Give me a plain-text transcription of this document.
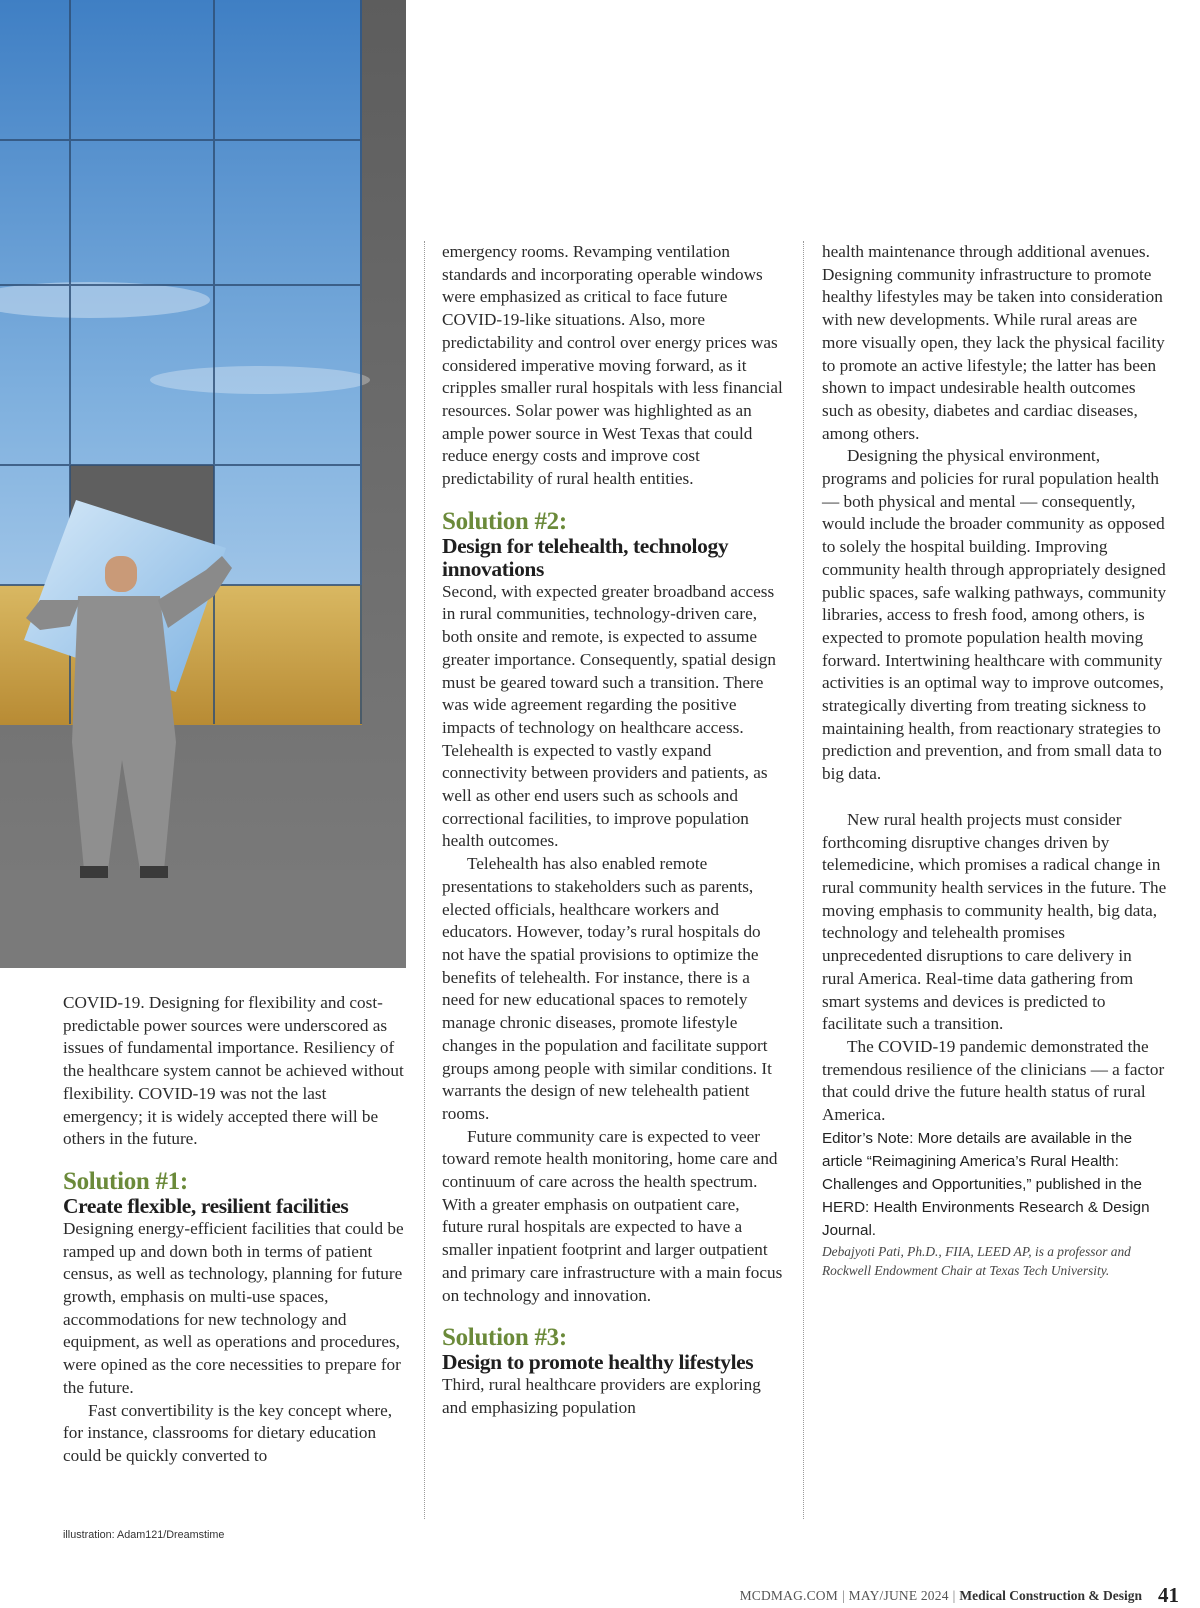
COVID-19. Designing for flexibility and cost-predictable power sources were underscored as issues of fundamental importance. Resiliency of the healthcare system cannot be achieved without flexibility. COVID-19 was not the last emergency; it is widely accepted there will be others in the future.

Solution #1:
Create flexible, resilient facilities

Designing energy-efficient facilities that could be ramped up and down both in terms of patient census, as well as technology, planning for future growth, emphasis on multi-use spaces, accommodations for new technology and equipment, as well as operations and procedures, were opined as the core necessities to prepare for the future.

Fast convertibility is the key concept where, for instance, classrooms for dietary education could be quickly converted to

emergency rooms. Revamping ventilation standards and incorporating operable windows were emphasized as critical to face future COVID-19-like situations. Also, more predictability and control over energy prices was considered imperative moving forward, as it cripples smaller rural hospitals with less financial resources. Solar power was highlighted as an ample power source in West Texas that could reduce energy costs and improve cost predictability of rural health entities.

Solution #2:
Design for telehealth, technology innovations

Second, with expected greater broadband access in rural communities, technology-driven care, both onsite and remote, is expected to assume greater importance. Consequently, spatial design must be geared toward such a transition. There was wide agreement regarding the positive impacts of technology on healthcare access. Telehealth is expected to vastly expand connectivity between providers and patients, as well as other end users such as schools and correctional facilities, to improve population health outcomes.

Telehealth has also enabled remote presentations to stakeholders such as parents, elected officials, healthcare workers and educators. However, today’s rural hospitals do not have the spatial provisions to optimize the benefits of telehealth. For instance, there is a need for new educational spaces to remotely manage chronic diseases, promote lifestyle changes in the population and facilitate support groups among people with similar conditions. It warrants the design of new telehealth patient rooms.

Future community care is expected to veer toward remote health monitoring, home care and continuum of care across the health spectrum. With a greater emphasis on outpatient care, future rural hospitals are expected to have a smaller inpatient footprint and larger outpatient and primary care infrastructure with a main focus on technology and innovation.

Solution #3:
Design to promote healthy lifestyles

Third, rural healthcare providers are exploring and emphasizing population

health maintenance through additional avenues. Designing community infrastructure to promote healthy lifestyles may be taken into consideration with new developments. While rural areas are more visually open, they lack the physical facility to promote an active lifestyle; the latter has been shown to impact undesirable health outcomes such as obesity, diabetes and cardiac diseases, among others.

Designing the physical environment, programs and policies for rural population health — both physical and mental — consequently, would include the broader community as opposed to solely the hospital building. Improving community health through appropriately designed public spaces, safe walking pathways, community libraries, access to fresh food, among others, is expected to promote population health moving forward. Intertwining healthcare with community activities is an optimal way to improve outcomes, strategically diverting from treating sickness to maintaining health, from reactionary strategies to prediction and prevention, and from small data to big data.

New rural health projects must consider forthcoming disruptive changes driven by telemedicine, which promises a radical change in rural community health services in the future. The moving emphasis to community health, big data, technology and telehealth promises unprecedented disruptions to care delivery in rural America. Real-time data gathering from smart systems and devices is predicted to facilitate such a transition.

The COVID-19 pandemic demonstrated the tremendous resilience of the clinicians — a factor that could drive the future health status of rural America.

Editor’s Note: More details are available in the article “Reimagining America’s Rural Health: Challenges and Opportunities,” published in the HERD: Health Environments Research & Design Journal.

Debajyoti Pati, Ph.D., FIIA, LEED AP, is a professor and Rockwell Endowment Chair at Texas Tech University.

illustration: Adam121/Dreamstime
MCDMAG.COM | MAY/JUNE 2024 | Medical Construction & Design 41
